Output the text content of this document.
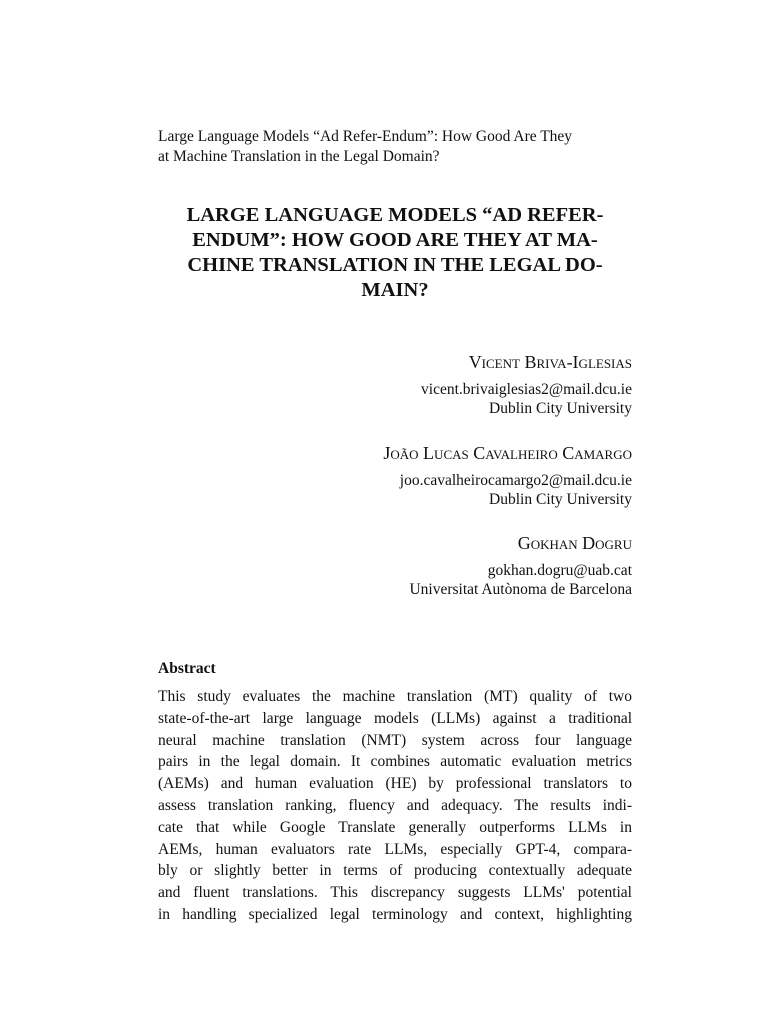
Large Language Models “Ad Refer-Endum”: How Good Are They
at Machine Translation in the Legal Domain?
LARGE LANGUAGE MODELS “AD REFER-
ENDUM”: HOW GOOD ARE THEY AT MA-
CHINE TRANSLATION IN THE LEGAL DO-
MAIN?
Vicent Briva-Iglesias
vicent.brivaiglesias2@mail.dcu.ie
Dublin City University
João Lucas Cavalheiro Camargo
joo.cavalheirocamargo2@mail.dcu.ie
Dublin City University
Gokhan Dogru
gokhan.dogru@uab.cat
Universitat Autònoma de Barcelona
Abstract
This study evaluates the machine translation (MT) quality of two
state-of-the-art large language models (LLMs) against a traditional
neural machine translation (NMT) system across four language
pairs in the legal domain. It combines automatic evaluation metrics
(AEMs) and human evaluation (HE) by professional translators to
assess translation ranking, fluency and adequacy. The results indi-
cate that while Google Translate generally outperforms LLMs in
AEMs, human evaluators rate LLMs, especially GPT-4, compara-
bly or slightly better in terms of producing contextually adequate
and fluent translations. This discrepancy suggests LLMs' potential
in handling specialized legal terminology and context, highlighting
